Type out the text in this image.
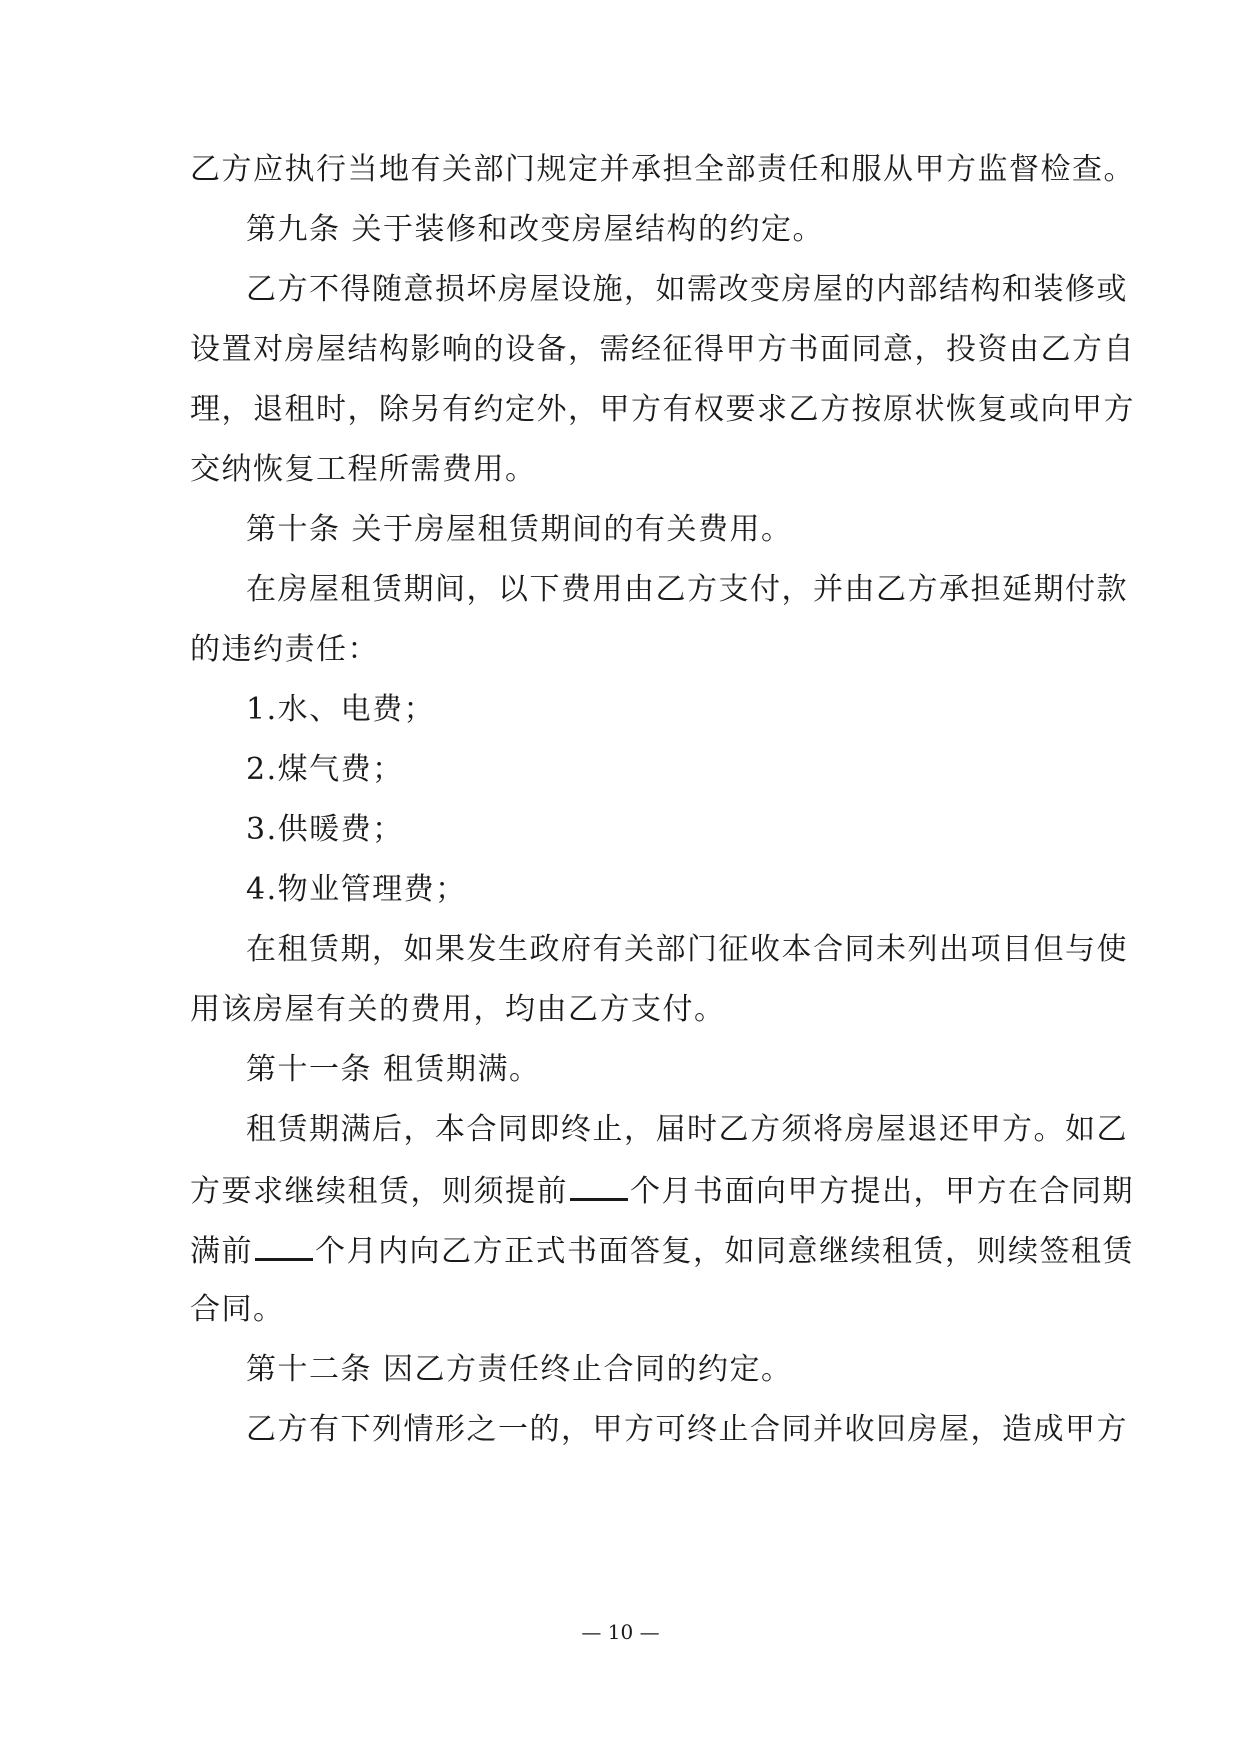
乙方应执行当地有关部门规定并承担全部责任和服从甲方监督检查。

第九条 关于装修和改变房屋结构的约定。

乙方不得随意损坏房屋设施，如需改变房屋的内部结构和装修或

设置对房屋结构影响的设备，需经征得甲方书面同意，投资由乙方自

理，退租时，除另有约定外，甲方有权要求乙方按原状恢复或向甲方

交纳恢复工程所需费用。

第十条 关于房屋租赁期间的有关费用。

在房屋租赁期间，以下费用由乙方支付，并由乙方承担延期付款

的违约责任：

1.水、电费；

2.煤气费；

3.供暖费；

4.物业管理费；

在租赁期，如果发生政府有关部门征收本合同未列出项目但与使

用该房屋有关的费用，均由乙方支付。

第十一条 租赁期满。

租赁期满后，本合同即终止，届时乙方须将房屋退还甲方。如乙

方要求继续租赁，则须提前 个月书面向甲方提出，甲方在合同期

满前 个月内向乙方正式书面答复，如同意继续租赁，则续签租赁

合同。

第十二条 因乙方责任终止合同的约定。

乙方有下列情形之一的，甲方可终止合同并收回房屋，造成甲方

— 10 —
